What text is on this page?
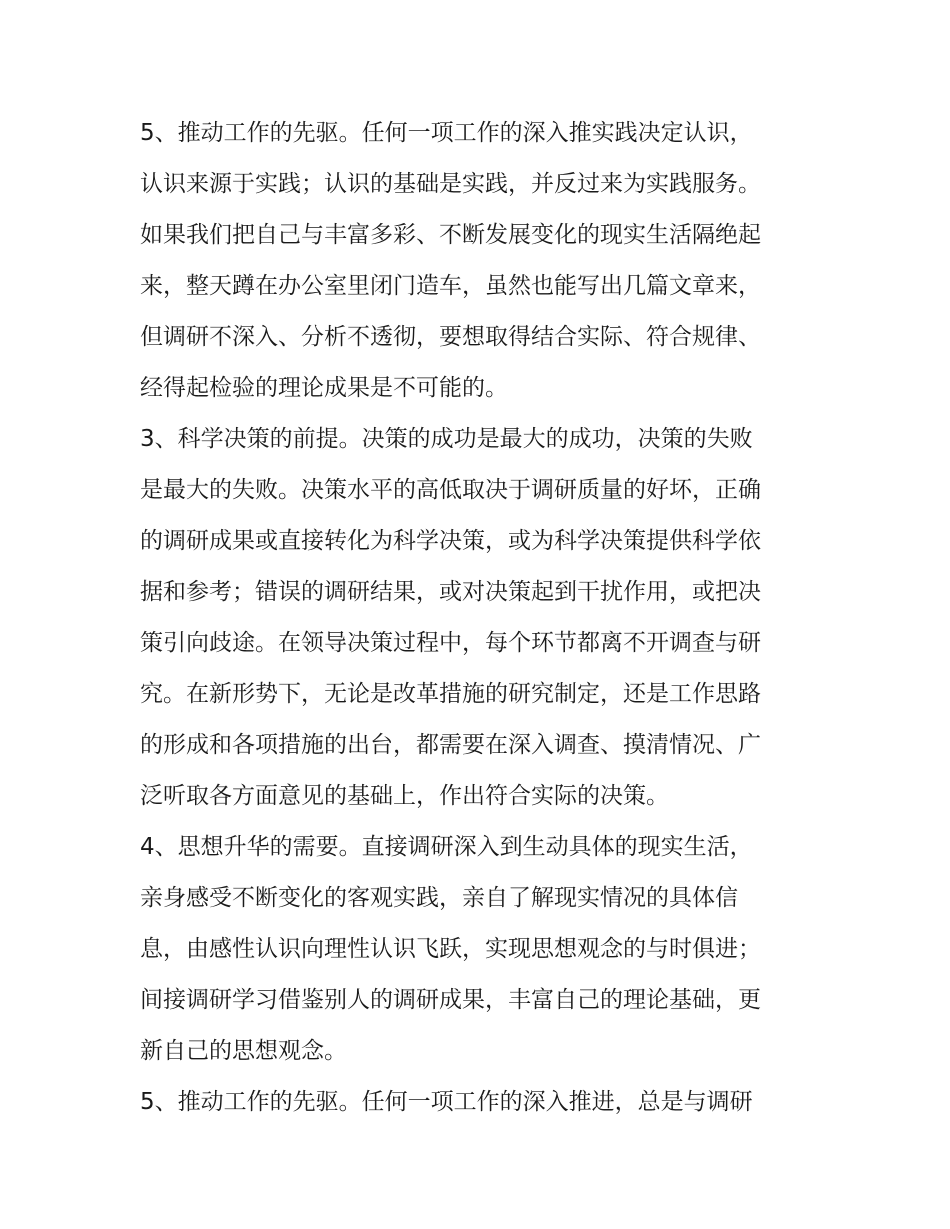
5、推动工作的先驱。任何一项工作的深入推实践决定认识，
认识来源于实践；认识的基础是实践，并反过来为实践服务。
如果我们把自己与丰富多彩、不断发展变化的现实生活隔绝起
来，整天蹲在办公室里闭门造车，虽然也能写出几篇文章来，
但调研不深入、分析不透彻，要想取得结合实际、符合规律、
经得起检验的理论成果是不可能的。
3、科学决策的前提。决策的成功是最大的成功，决策的失败
是最大的失败。决策水平的高低取决于调研质量的好坏，正确
的调研成果或直接转化为科学决策，或为科学决策提供科学依
据和参考；错误的调研结果，或对决策起到干扰作用，或把决
策引向歧途。在领导决策过程中，每个环节都离不开调查与研
究。在新形势下，无论是改革措施的研究制定，还是工作思路
的形成和各项措施的出台，都需要在深入调查、摸清情况、广
泛听取各方面意见的基础上，作出符合实际的决策。
4、思想升华的需要。直接调研深入到生动具体的现实生活，
亲身感受不断变化的客观实践，亲自了解现实情况的具体信
息，由感性认识向理性认识飞跃，实现思想观念的与时俱进；
间接调研学习借鉴别人的调研成果，丰富自己的理论基础，更
新自己的思想观念。
5、推动工作的先驱。任何一项工作的深入推进，总是与调研
